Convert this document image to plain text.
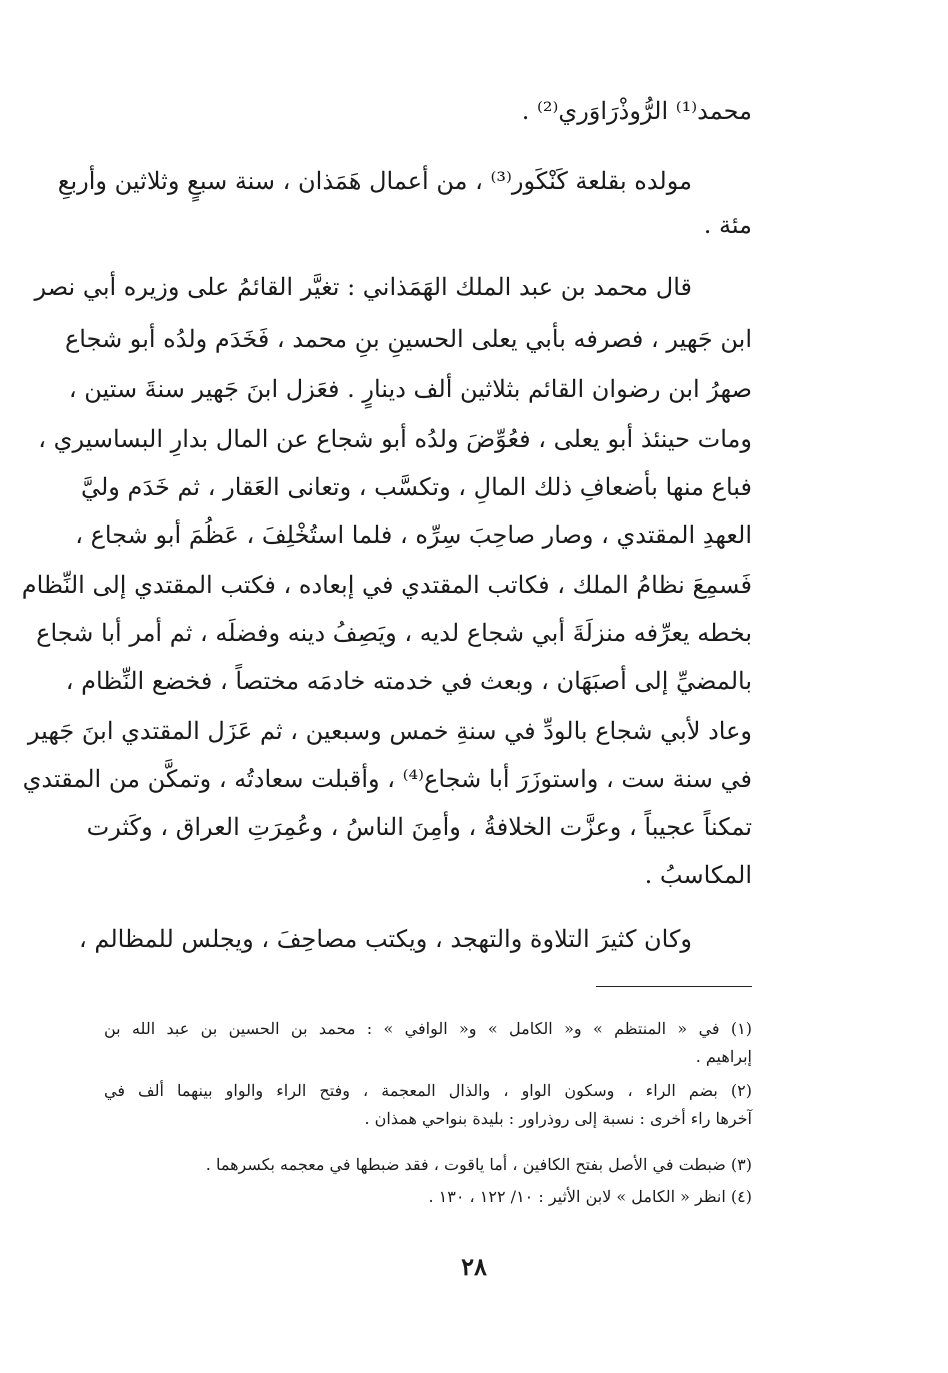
محمد⁽¹⁾ الرُّوذْرَاوَري⁽²⁾ .
مولده بقلعة كَنْكَور⁽³⁾ ، من أعمال هَمَذان ، سنة سبعٍ وثلاثين وأربعِ
مئة .
قال محمد بن عبد الملك الهَمَذاني : تغيَّر القائمُ على وزيره أبي نصر
ابن جَهير ، فصرفه بأبي يعلى الحسينِ بنِ محمد ، فَخَدَم ولدُه أبو شجاع
صهرُ ابن رضوان القائم بثلاثين ألف دينارٍ . فعَزل ابنَ جَهير سنةَ ستين ،
ومات حينئذ أبو يعلى ، فعُوِّضَ ولدُه أبو شجاع عن المال بدارِ البساسيري ،
فباع منها بأضعافِ ذلك المالِ ، وتكسَّب ، وتعانى العَقار ، ثم خَدَم وليَّ
العهدِ المقتدي ، وصار صاحِبَ سِرِّه ، فلما استُخْلِفَ ، عَظُمَ أبو شجاع ،
فَسمِعَ نظامُ الملك ، فكاتب المقتدي في إبعاده ، فكتب المقتدي إلى النِّظام
بخطه يعرِّفه منزلَةَ أبي شجاع لديه ، ويَصِفُ دينه وفضلَه ، ثم أمر أبا شجاع
بالمضيِّ إلى أصبَهَان ، وبعث في خدمته خادمَه مختصاً ، فخضع النِّظام ،
وعاد لأبي شجاع بالودِّ في سنةِ خمس وسبعين ، ثم عَزَل المقتدي ابنَ جَهير
في سنة ست ، واستوزَرَ أبا شجاع⁽⁴⁾ ، وأقبلت سعادتُه ، وتمكَّن من المقتدي
تمكناً عجيباً ، وعزَّت الخلافةُ ، وأمِنَ الناسُ ، وعُمِرَتِ العراق ، وكَثرت
المكاسبُ .
وكان كثيرَ التلاوة والتهجد ، ويكتب مصاحِفَ ، ويجلس للمظالم ،
(١) في « المنتظم » و« الكامل » و« الوافي » : محمد بن الحسين بن عبد الله بن
إبراهيم .
(٢) بضم الراء ، وسكون الواو ، والذال المعجمة ، وفتح الراء والواو بينهما ألف في
آخرها راء أخرى : نسبة إلى روذراور : بليدة بنواحي همذان .
(٣) ضبطت في الأصل بفتح الكافين ، أما ياقوت ، فقد ضبطها في معجمه بكسرهما .
(٤) انظر « الكامل » لابن الأثير : ١٠/ ١٢٢ ، ١٣٠ .
٢٨
